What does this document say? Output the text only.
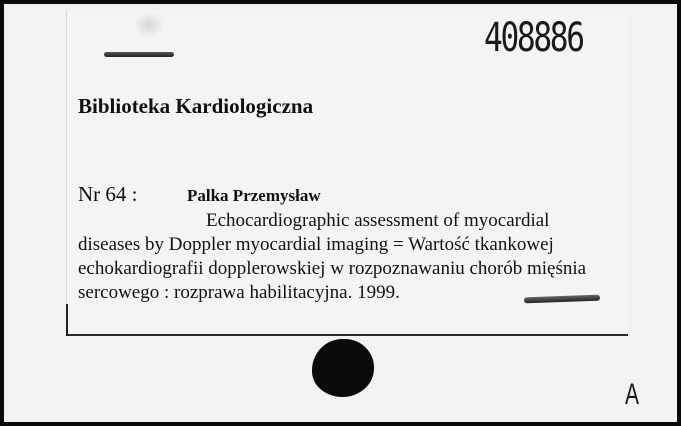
408886
Biblioteka Kardiologiczna
Nr 64 :	Palka Przemysław
Echocardiographic assessment of myocardial diseases by Doppler myocardial imaging = Wartość tkankowej echokardiografii dopplerowskiej w rozpoznawaniu chorób mięśnia sercowego : rozprawa habilitacyjna. 1999.
A
